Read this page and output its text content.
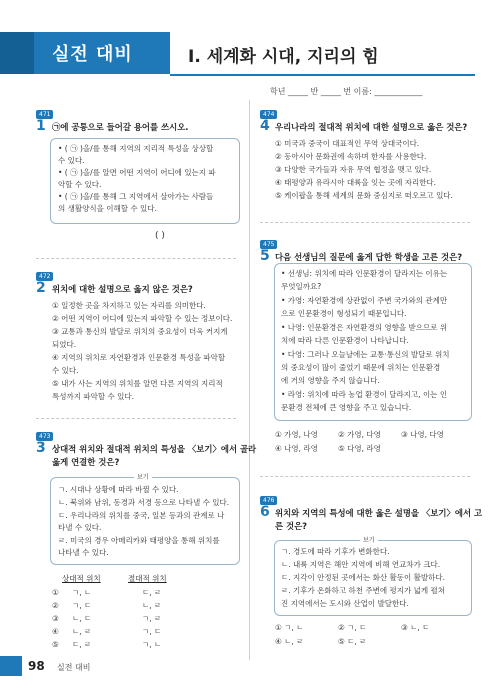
실전 대비	Ⅰ. 세계화 시대, 지리의 힘
학년 _____ 반 _____ 번 이름: ____________
471
1 ㉠에 공통으로 들어갈 용어를 쓰시오.
• ( ㉠ )을/를 통해 지역의 지리적 특성을 상상할
수 있다.
• ( ㉠ )을/를 알면 어떤 지역이 어디에 있는지 파
악할 수 있다.
• ( ㉠ )을/를 통해 그 지역에서 살아가는 사람들
의 생활양식을 이해할 수 있다.
( )
472
2 위치에 대한 설명으로 옳지 않은 것은?
① 일정한 곳을 차지하고 있는 자리를 의미한다.
② 어떤 지역이 어디에 있는지 파악할 수 있는 정보이다.
③ 교통과 통신의 발달로 위치의 중요성이 더욱 커지게
되었다.
④ 지역의 위치로 자연환경과 인문환경 특성을 파악할
수 있다.
⑤ 내가 사는 지역의 위치를 알면 다른 지역의 지리적
특성까지 파악할 수 있다.
473
3 상대적 위치와 절대적 위치의 특성을 〈보기〉에서 골라
옳게 연결한 것은?
보기
ㄱ. 시대나 상황에 따라 바뀔 수 있다.
ㄴ. 북위와 남위, 동경과 서경 등으로 나타낼 수 있다.
ㄷ. 우리나라의 위치를 중국, 일본 등과의 관계로 나
타낼 수 있다.
ㄹ. 미국의 경우 아메리카와 태평양을 통해 위치를
나타낼 수 있다.
상대적 위치	절대적 위치
① ㄱ, ㄴ	ㄷ, ㄹ
② ㄱ, ㄷ	ㄴ, ㄹ
③ ㄴ, ㄷ	ㄱ, ㄹ
④ ㄴ, ㄹ	ㄱ, ㄷ
⑤ ㄷ, ㄹ	ㄱ, ㄴ
474
4 우리나라의 절대적 위치에 대한 설명으로 옳은 것은?
① 미국과 중국이 대표적인 무역 상대국이다.
② 동아시아 문화권에 속하며 한자를 사용한다.
③ 다양한 국가들과 자유 무역 협정을 맺고 있다.
④ 태평양과 유라시아 대륙을 잇는 곳에 자리한다.
⑤ 케이팝을 통해 세계의 문화 중심지로 떠오르고 있다.
475
5 다음 선생님의 질문에 옳게 답한 학생을 고른 것은?
• 선생님: 위치에 따라 인문환경이 달라지는 이유는
무엇일까요?
• 가영: 자연환경에 상관없이 주변 국가와의 관계만
으로 인문환경이 형성되기 때문입니다.
• 나영: 인문환경은 자연환경의 영향을 받으므로 위
치에 따라 다른 인문환경이 나타납니다.
• 다영: 그러나 오늘날에는 교통·통신의 발달로 위치
의 중요성이 많이 줄었기 때문에 위치는 인문환경
에 거의 영향을 주지 않습니다.
• 라영: 위치에 따라 농업 환경이 달라지고, 이는 인
문환경 전체에 큰 영향을 주고 있습니다.
① 가영, 나영	② 가영, 다영	③ 나영, 다영
④ 나영, 라영	⑤ 다영, 라영
476
6 위치와 지역의 특성에 대한 옳은 설명을 〈보기〉에서 고
른 것은?
보기
ㄱ. 경도에 따라 기후가 변화한다.
ㄴ. 내륙 지역은 해안 지역에 비해 연교차가 크다.
ㄷ. 지각이 안정된 곳에서는 화산 활동이 활발하다.
ㄹ. 기후가 온화하고 하천 주변에 평지가 넓게 펼쳐
진 지역에서는 도시와 산업이 발달한다.
① ㄱ, ㄴ	② ㄱ, ㄷ	③ ㄴ, ㄷ
④ ㄴ, ㄹ	⑤ ㄷ, ㄹ
98 실전 대비
